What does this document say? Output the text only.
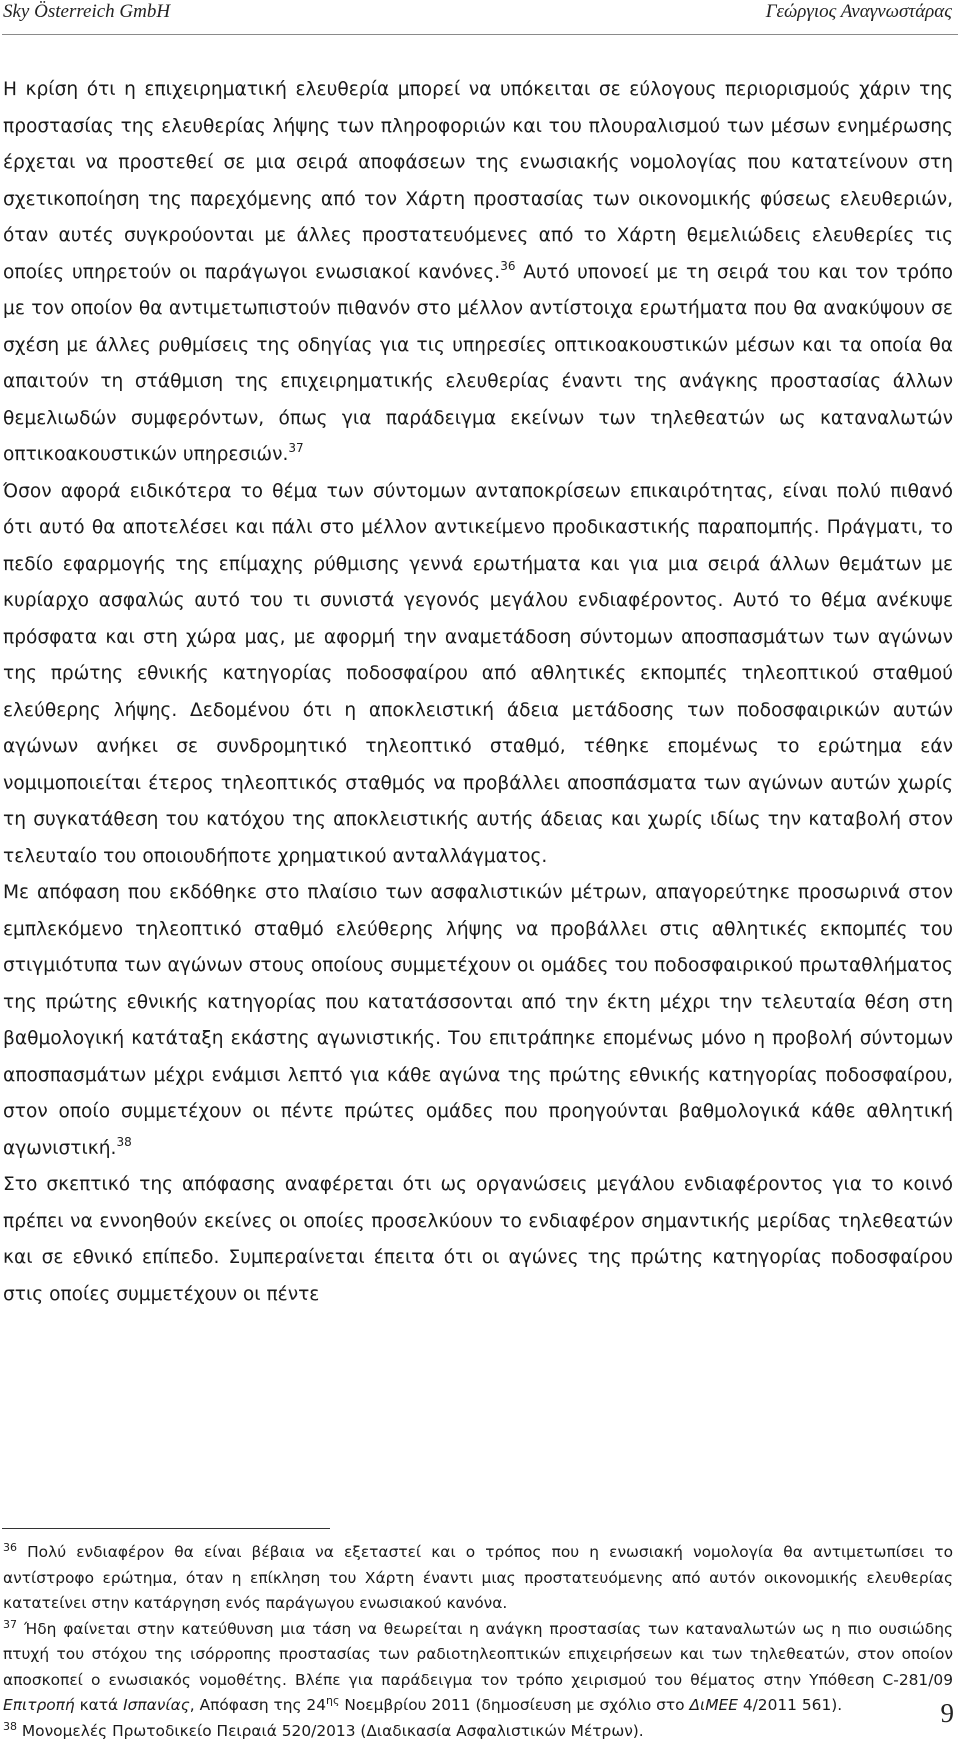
Sky Österreich GmbH	Γεώργιος Αναγνωστάρας

Η κρίση ότι η επιχειρηματική ελευθερία μπορεί να υπόκειται σε εύλογους περιορισμούς χάριν της προστασίας της ελευθερίας λήψης των πληροφοριών και του πλουραλισμού των μέσων ενημέρωσης έρχεται να προστεθεί σε μια σειρά αποφάσεων της ενωσιακής νομολογίας που κατατείνουν στη σχετικοποίηση της παρεχόμενης από τον Χάρτη προστασίας των οικονομικής φύσεως ελευθεριών, όταν αυτές συγκρούονται με άλλες προστατευόμενες από το Χάρτη θεμελιώδεις ελευθερίες τις οποίες υπηρετούν οι παράγωγοι ενωσιακοί κανόνες.$^{36}$ Αυτό υπονοεί με τη σειρά του και τον τρόπο με τον οποίον θα αντιμετωπιστούν πιθανόν στο μέλλον αντίστοιχα ερωτήματα που θα ανακύψουν σε σχέση με άλλες ρυθμίσεις της οδηγίας για τις υπηρεσίες οπτικοακουστικών μέσων και τα οποία θα απαιτούν τη στάθμιση της επιχειρηματικής ελευθερίας έναντι της ανάγκης προστασίας άλλων θεμελιωδών συμφερόντων, όπως για παράδειγμα εκείνων των τηλεθεατών ως καταναλωτών οπτικοακουστικών υπηρεσιών.$^{37}$

Όσον αφορά ειδικότερα το θέμα των σύντομων ανταποκρίσεων επικαιρότητας, είναι πολύ πιθανό ότι αυτό θα αποτελέσει και πάλι στο μέλλον αντικείμενο προδικαστικής παραπομπής. Πράγματι, το πεδίο εφαρμογής της επίμαχης ρύθμισης γεννά ερωτήματα και για μια σειρά άλλων θεμάτων με κυρίαρχο ασφαλώς αυτό του τι συνιστά γεγονός μεγάλου ενδιαφέροντος. Αυτό το θέμα ανέκυψε πρόσφατα και στη χώρα μας, με αφορμή την αναμετάδοση σύντομων αποσπασμάτων των αγώνων της πρώτης εθνικής κατηγορίας ποδοσφαίρου από αθλητικές εκπομπές τηλεοπτικού σταθμού ελεύθερης λήψης. Δεδομένου ότι η αποκλειστική άδεια μετάδοσης των ποδοσφαιρικών αυτών αγώνων ανήκει σε συνδρομητικό τηλεοπτικό σταθμό, τέθηκε επομένως το ερώτημα εάν νομιμοποιείται έτερος τηλεοπτικός σταθμός να προβάλλει αποσπάσματα των αγώνων αυτών χωρίς τη συγκατάθεση του κατόχου της αποκλειστικής αυτής άδειας και χωρίς ιδίως την καταβολή στον τελευταίο του οποιουδήποτε χρηματικού ανταλλάγματος.

Με απόφαση που εκδόθηκε στο πλαίσιο των ασφαλιστικών μέτρων, απαγορεύτηκε προσωρινά στον εμπλεκόμενο τηλεοπτικό σταθμό ελεύθερης λήψης να προβάλλει στις αθλητικές εκπομπές του στιγμιότυπα των αγώνων στους οποίους συμμετέχουν οι ομάδες του ποδοσφαιρικού πρωταθλήματος της πρώτης εθνικής κατηγορίας που κατατάσσονται από την έκτη μέχρι την τελευταία θέση στη βαθμολογική κατάταξη εκάστης αγωνιστικής. Του επιτράπηκε επομένως μόνο η προβολή σύντομων αποσπασμάτων μέχρι ενάμισι λεπτό για κάθε αγώνα της πρώτης εθνικής κατηγορίας ποδοσφαίρου, στον οποίο συμμετέχουν οι πέντε πρώτες ομάδες που προηγούνται βαθμολογικά κάθε αθλητική αγωνιστική.$^{38}$

Στο σκεπτικό της απόφασης αναφέρεται ότι ως οργανώσεις μεγάλου ενδιαφέροντος για το κοινό πρέπει να εννοηθούν εκείνες οι οποίες προσελκύουν το ενδιαφέρον σημαντικής μερίδας τηλεθεατών και σε εθνικό επίπεδο. Συμπεραίνεται έπειτα ότι οι αγώνες της πρώτης κατηγορίας ποδοσφαίρου στις οποίες συμμετέχουν οι πέντε

$^{36}$ Πολύ ενδιαφέρον θα είναι βέβαια να εξεταστεί και ο τρόπος που η ενωσιακή νομολογία θα αντιμετωπίσει το αντίστροφο ερώτημα, όταν η επίκληση του Χάρτη έναντι μιας προστατευόμενης από αυτόν οικονομικής ελευθερίας κατατείνει στην κατάργηση ενός παράγωγου ενωσιακού κανόνα.

$^{37}$ Ήδη φαίνεται στην κατεύθυνση μια τάση να θεωρείται η ανάγκη προστασίας των καταναλωτών ως η πιο ουσιώδης πτυχή του στόχου της ισόρροπης προστασίας των ραδιοτηλεοπτικών επιχειρήσεων και των τηλεθεατών, στον οποίον αποσκοπεί ο ενωσιακός νομοθέτης. Βλέπε για παράδειγμα τον τρόπο χειρισμού του θέματος στην Υπόθεση C-281/09 Επιτροπή κατά Ισπανίας, Απόφαση της $24^{\eta\varsigma}$ Νοεμβρίου 2011 (δημοσίευση με σχόλιο στο ΔιΜΕΕ 4/2011 561).

$^{38}$ Μονομελές Πρωτοδικείο Πειραιά 520/2013 (Διαδικασία Ασφαλιστικών Μέτρων).

9
